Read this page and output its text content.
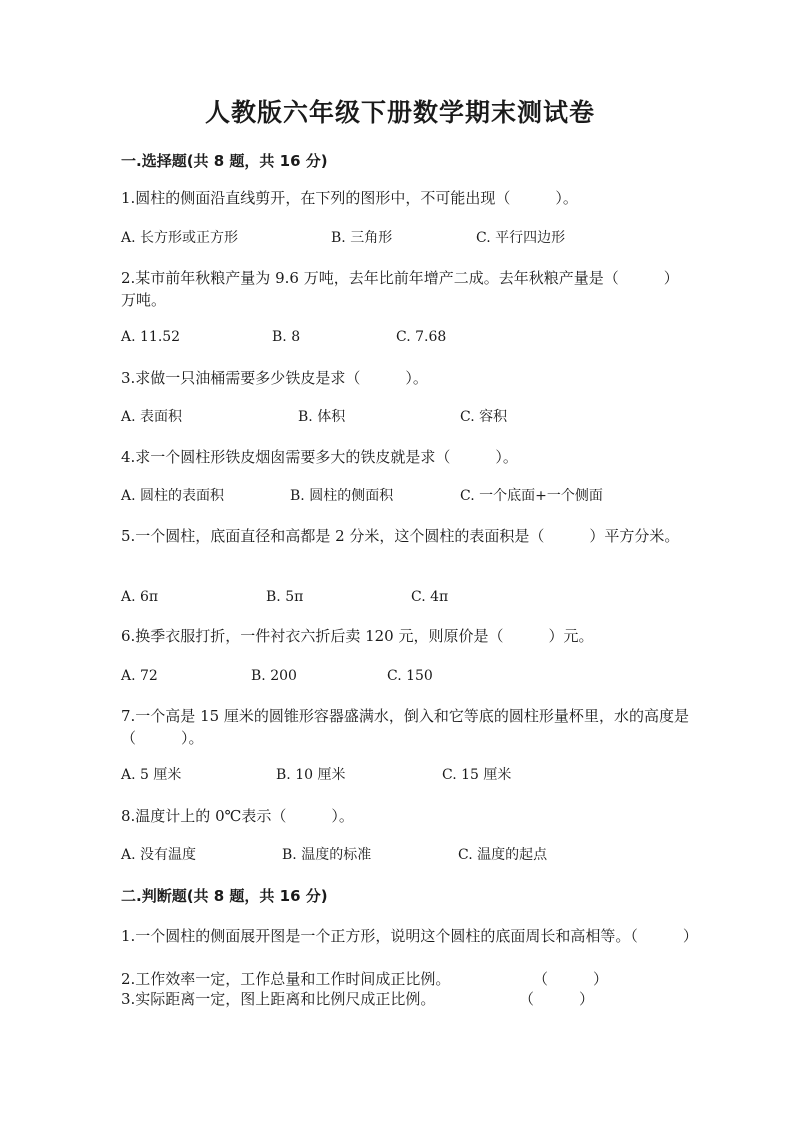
人教版六年级下册数学期末测试卷
一.选择题(共 8 题，共 16 分)
1.圆柱的侧面沿直线剪开，在下列的图形中，不可能出现（　　　）。
A. 长方形或正方形	B. 三角形	C. 平行四边形
2.某市前年秋粮产量为 9.6 万吨，去年比前年增产二成。去年秋粮产量是（　　　）万吨。
A. 11.52	B. 8	C. 7.68
3.求做一只油桶需要多少铁皮是求（　　　）。
A. 表面积	B. 体积	C. 容积
4.求一个圆柱形铁皮烟囱需要多大的铁皮就是求（　　　）。
A. 圆柱的表面积	B. 圆柱的侧面积	C. 一个底面+一个侧面
5.一个圆柱，底面直径和高都是 2 分米，这个圆柱的表面积是（　　　）平方分米。
A. 6π	B. 5π	C. 4π
6.换季衣服打折，一件衬衣六折后卖 120 元，则原价是（　　　）元。
A. 72	B. 200	C. 150
7.一个高是 15 厘米的圆锥形容器盛满水，倒入和它等底的圆柱形量杯里，水的高度是（　　　）。
A. 5 厘米	B. 10 厘米	C. 15 厘米
8.温度计上的 0℃表示（　　　）。
A. 没有温度	B. 温度的标准	C. 温度的起点
二.判断题(共 8 题，共 16 分)
1.一个圆柱的侧面展开图是一个正方形，说明这个圆柱的底面周长和高相等。（　　　）
2.工作效率一定，工作总量和工作时间成正比例。	（　　　）
3.实际距离一定，图上距离和比例尺成正比例。	（　　　）
